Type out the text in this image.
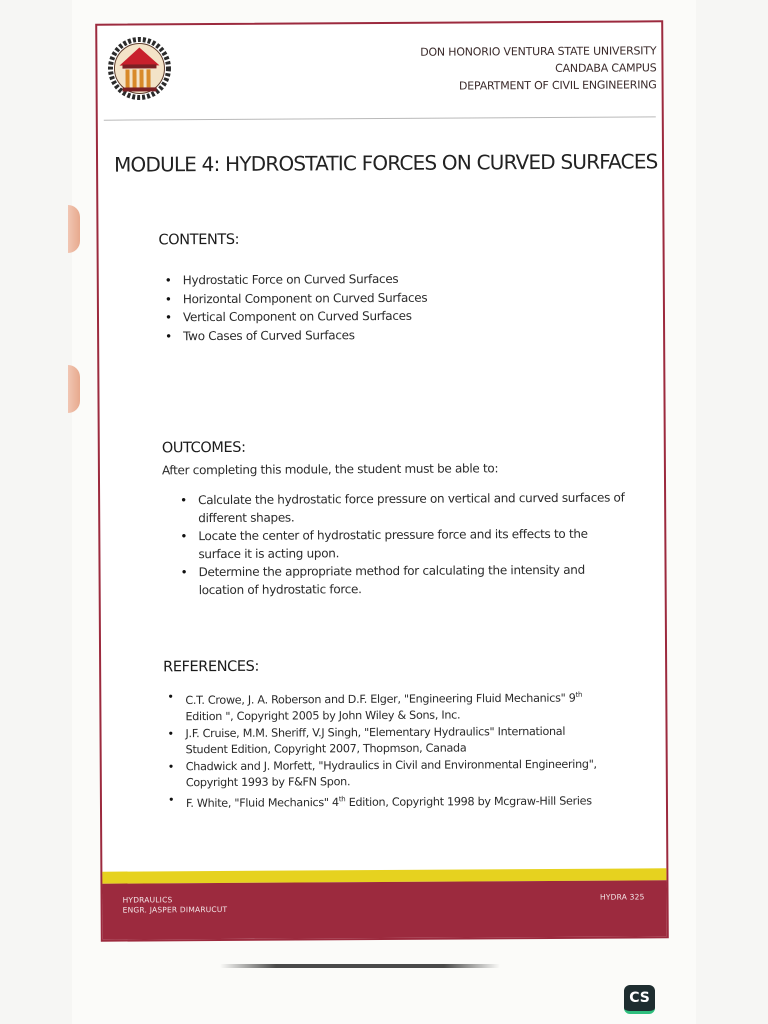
DON HONORIO VENTURA STATE UNIVERSITY
CANDABA CAMPUS
DEPARTMENT OF CIVIL ENGINEERING
MODULE 4: HYDROSTATIC FORCES ON CURVED SURFACES
CONTENTS:
• Hydrostatic Force on Curved Surfaces
• Horizontal Component on Curved Surfaces
• Vertical Component on Curved Surfaces
• Two Cases of Curved Surfaces
OUTCOMES:
After completing this module, the student must be able to:
• Calculate the hydrostatic force pressure on vertical and curved surfaces of different shapes.
• Locate the center of hydrostatic pressure force and its effects to the surface it is acting upon.
• Determine the appropriate method for calculating the intensity and location of hydrostatic force.
REFERENCES:
• C.T. Crowe, J. A. Roberson and D.F. Elger, "Engineering Fluid Mechanics" 9th Edition ", Copyright 2005 by John Wiley & Sons, Inc.
• J.F. Cruise, M.M. Sheriff, V.J Singh, "Elementary Hydraulics" International Student Edition, Copyright 2007, Thopmson, Canada
• Chadwick and J. Morfett, "Hydraulics in Civil and Environmental Engineering", Copyright 1993 by F&FN Spon.
• F. White, "Fluid Mechanics" 4th Edition, Copyright 1998 by Mcgraw-Hill Series
HYDRAULICS
ENGR. JASPER DIMARUCUT
HYDRA 325
CS
